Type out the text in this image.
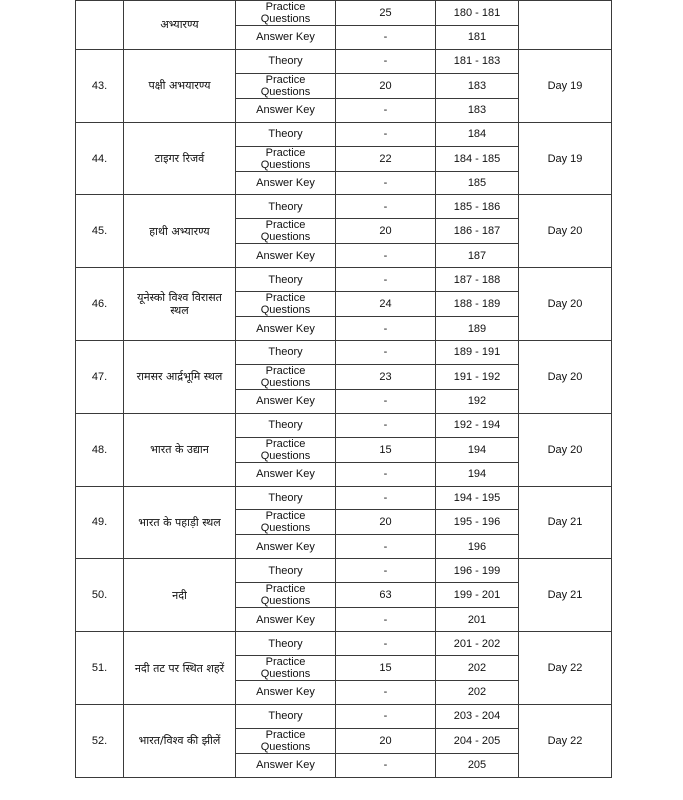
	अभ्यारण्य	Practice Questions	25	180 - 181	
		Answer Key	-	181	
43.	पक्षी अभयारण्य	Theory	-	181 - 183	Day 19
		Practice Questions	20	183	
		Answer Key	-	183	
44.	टाइगर रिजर्व	Theory	-	184	Day 19
		Practice Questions	22	184 - 185	
		Answer Key	-	185	
45.	हाथी अभ्यारण्य	Theory	-	185 - 186	Day 20
		Practice Questions	20	186 - 187	
		Answer Key	-	187	
46.	यूनेस्को विश्व विरासत स्थल	Theory	-	187 - 188	Day 20
		Practice Questions	24	188 - 189	
		Answer Key	-	189	
47.	रामसर आर्द्रभूमि स्थल	Theory	-	189 - 191	Day 20
		Practice Questions	23	191 - 192	
		Answer Key	-	192	
48.	भारत के उद्यान	Theory	-	192 - 194	Day 20
		Practice Questions	15	194	
		Answer Key	-	194	
49.	भारत के पहाड़ी स्थल	Theory	-	194 - 195	Day 21
		Practice Questions	20	195 - 196	
		Answer Key	-	196	
50.	नदी	Theory	-	196 - 199	Day 21
		Practice Questions	63	199 - 201	
		Answer Key	-	201	
51.	नदी तट पर स्थित शहरें	Theory	-	201 - 202	Day 22
		Practice Questions	15	202	
		Answer Key	-	202	
52.	भारत/विश्व की झीलें	Theory	-	203 - 204	Day 22
		Practice Questions	20	204 - 205	
		Answer Key	-	205	
